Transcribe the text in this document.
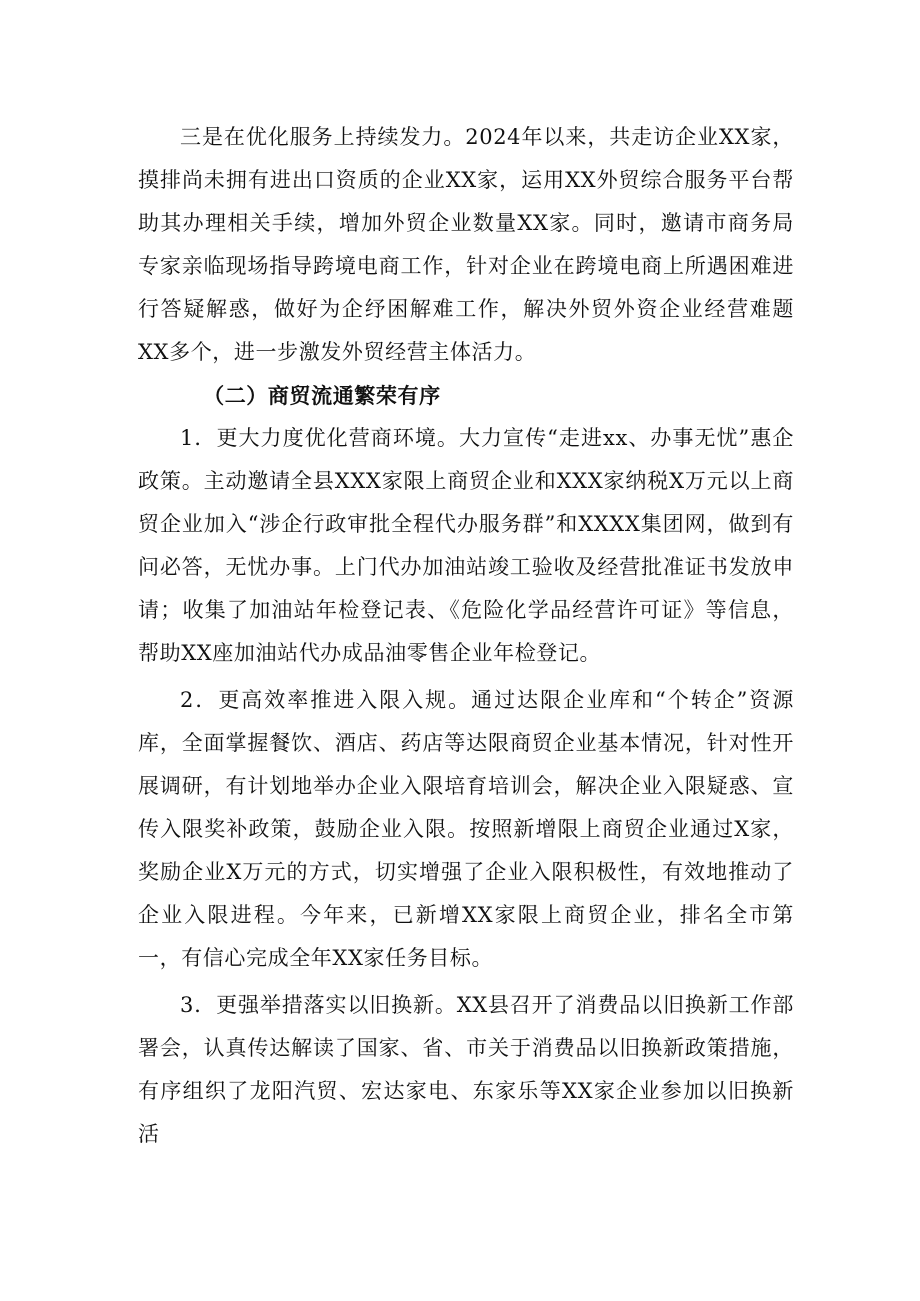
三是在优化服务上持续发力。2024年以来，共走访企业XX家，摸排尚未拥有进出口资质的企业XX家，运用XX外贸综合服务平台帮助其办理相关手续，增加外贸企业数量XX家。同时，邀请市商务局专家亲临现场指导跨境电商工作，针对企业在跨境电商上所遇困难进行答疑解惑，做好为企纾困解难工作，解决外贸外资企业经营难题XX多个，进一步激发外贸经营主体活力。

（二）商贸流通繁荣有序

1．更大力度优化营商环境。大力宣传“走进xx、办事无忧”惠企政策。主动邀请全县XXX家限上商贸企业和XXX家纳税X万元以上商贸企业加入“涉企行政审批全程代办服务群”和XXXX集团网，做到有问必答，无忧办事。上门代办加油站竣工验收及经营批准证书发放申请；收集了加油站年检登记表、《危险化学品经营许可证》等信息，帮助XX座加油站代办成品油零售企业年检登记。

2．更高效率推进入限入规。通过达限企业库和“个转企”资源库，全面掌握餐饮、酒店、药店等达限商贸企业基本情况，针对性开展调研，有计划地举办企业入限培育培训会，解决企业入限疑惑、宣传入限奖补政策，鼓励企业入限。按照新增限上商贸企业通过X家，奖励企业X万元的方式，切实增强了企业入限积极性，有效地推动了企业入限进程。今年来，已新增XX家限上商贸企业，排名全市第一，有信心完成全年XX家任务目标。

3．更强举措落实以旧换新。XX县召开了消费品以旧换新工作部署会，认真传达解读了国家、省、市关于消费品以旧换新政策措施，有序组织了龙阳汽贸、宏达家电、东家乐等XX家企业参加以旧换新活
